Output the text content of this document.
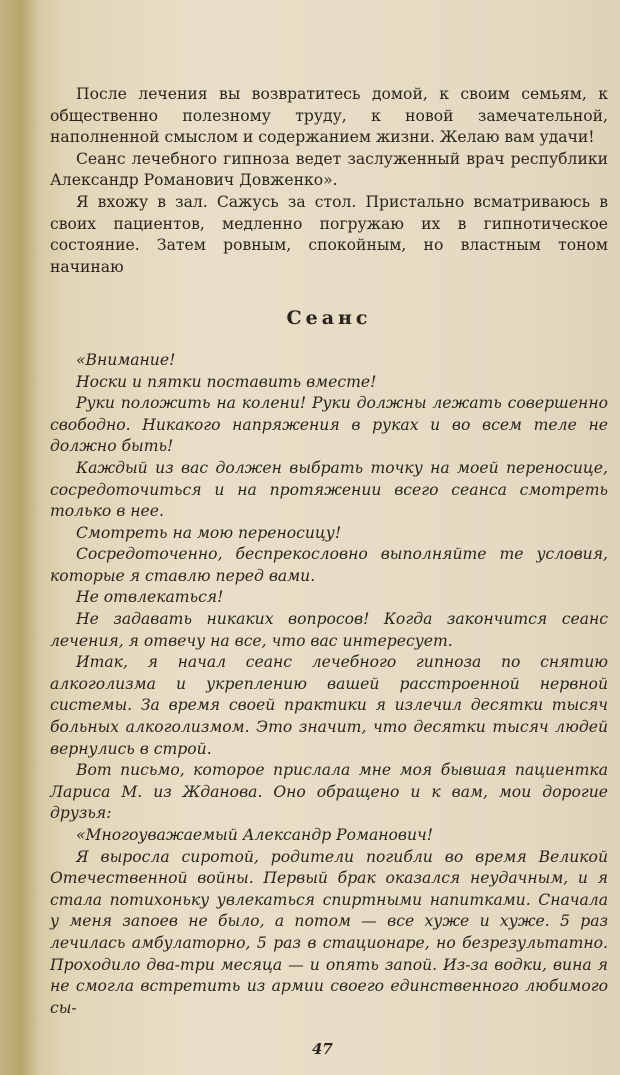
После лечения вы возвратитесь домой, к своим семьям, к общественно полезному труду, к новой замечательной, наполненной смыслом и содержанием жизни. Желаю вам удачи!

Сеанс лечебного гипноза ведет заслуженный врач республики Александр Романович Довженко».

Я вхожу в зал. Сажусь за стол. Пристально всматриваюсь в своих пациентов, медленно погружаю их в гипнотическое состояние. Затем ровным, спокойным, но властным тоном начинаю

Сеанс

«Внимание!

Носки и пятки поставить вместе!

Руки положить на колени! Руки должны лежать совершенно свободно. Никакого напряжения в руках и во всем теле не должно быть!

Каждый из вас должен выбрать точку на моей переносице, сосредоточиться и на протяжении всего сеанса смотреть только в нее.

Смотреть на мою переносицу!

Сосредоточенно, беспрекословно выполняйте те условия, которые я ставлю перед вами.

Не отвлекаться!

Не задавать никаких вопросов! Когда закончится сеанс лечения, я отвечу на все, что вас интересует.

Итак, я начал сеанс лечебного гипноза по снятию алкоголизма и укреплению вашей расстроенной нервной системы. За время своей практики я излечил десятки тысяч больных алкоголизмом. Это значит, что десятки тысяч людей вернулись в строй.

Вот письмо, которое прислала мне моя бывшая пациентка Лариса М. из Жданова. Оно обращено и к вам, мои дорогие друзья:

«Многоуважаемый Александр Романович!

Я выросла сиротой, родители погибли во время Великой Отечественной войны. Первый брак оказался неудачным, и я стала потихоньку увлекаться спиртными напитками. Сначала у меня запоев не было, а потом — все хуже и хуже. 5 раз лечилась амбулаторно, 5 раз в стационаре, но безрезультатно. Проходило два-три месяца — и опять запой. Из-за водки, вина я не смогла встретить из армии своего единственного любимого сы-

47
